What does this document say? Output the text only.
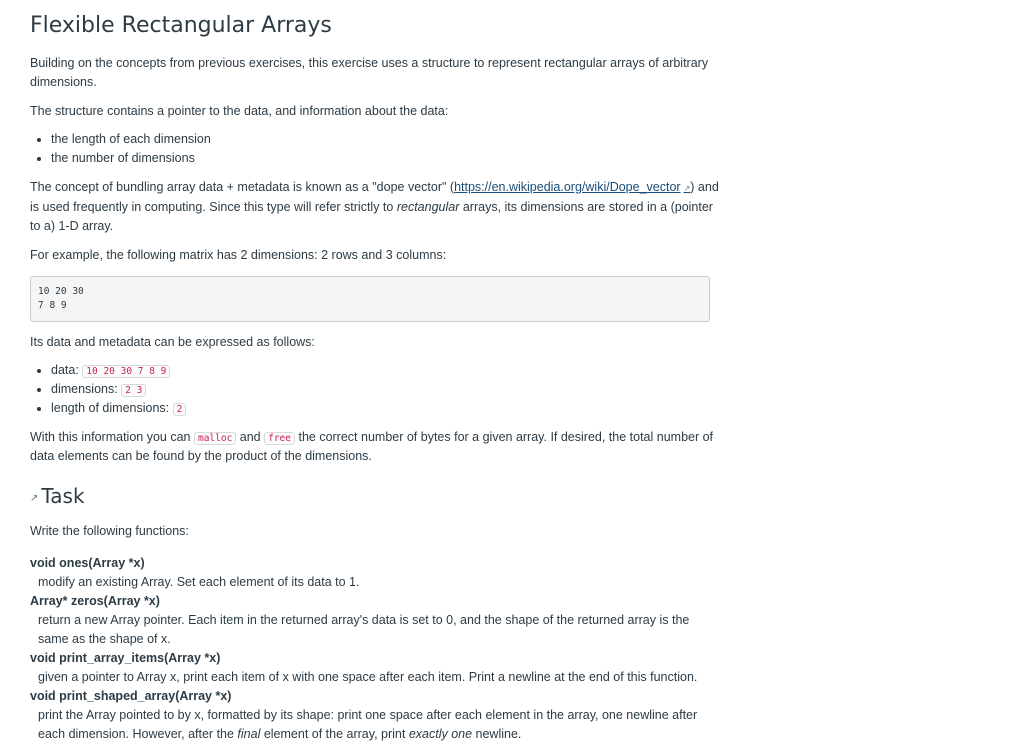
Flexible Rectangular Arrays

Building on the concepts from previous exercises, this exercise uses a structure to represent rectangular arrays of arbitrary dimensions.

The structure contains a pointer to the data, and information about the data:

• the length of each dimension
• the number of dimensions

The concept of bundling array data + metadata is known as a "dope vector" (https://en.wikipedia.org/wiki/Dope_vector ↗) and is used frequently in computing. Since this type will refer strictly to rectangular arrays, its dimensions are stored in a (pointer to a) 1-D array.

For example, the following matrix has 2 dimensions: 2 rows and 3 columns:

10 20 30
7 8 9

Its data and metadata can be expressed as follows:

• data: 10 20 30 7 8 9
• dimensions: 2 3
• length of dimensions: 2

With this information you can malloc and free the correct number of bytes for a given array. If desired, the total number of data elements can be found by the product of the dimensions.

↗ Task

Write the following functions:

void ones(Array *x)
modify an existing Array. Set each element of its data to 1.
Array* zeros(Array *x)
return a new Array pointer. Each item in the returned array's data is set to 0, and the shape of the returned array is the same as the shape of x.
void print_array_items(Array *x)
given a pointer to Array x, print each item of x with one space after each item. Print a newline at the end of this function.
void print_shaped_array(Array *x)
print the Array pointed to by x, formatted by its shape: print one space after each element in the array, one newline after each dimension. However, after the final element of the array, print exactly one newline.
